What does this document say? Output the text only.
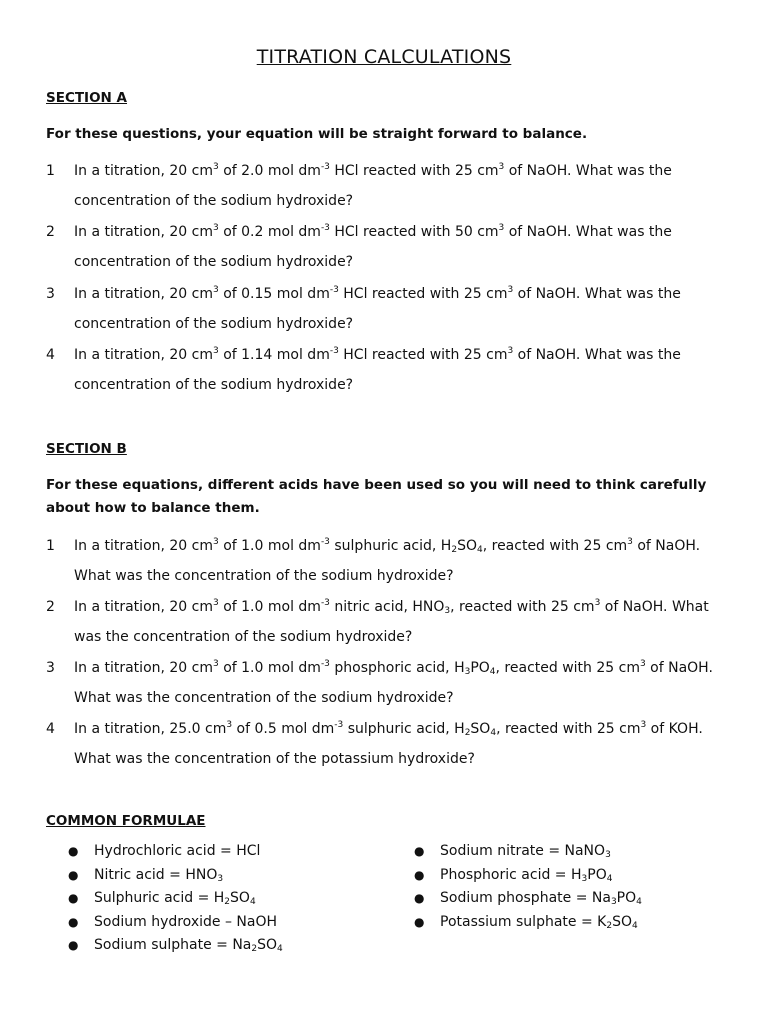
TITRATION CALCULATIONS
SECTION A
For these questions, your equation will be straight forward to balance.
1	In a titration, 20 $cm^3$ of 2.0 mol $dm^{-3}$ HCl reacted with 25 $cm^3$ of NaOH. What was the concentration of the sodium hydroxide?
2	In a titration, 20 $cm^3$ of 0.2 mol $dm^{-3}$ HCl reacted with 50 $cm^3$ of NaOH. What was the concentration of the sodium hydroxide?
3	In a titration, 20 $cm^3$ of 0.15 mol $dm^{-3}$ HCl reacted with 25 $cm^3$ of NaOH. What was the concentration of the sodium hydroxide?
4	In a titration, 20 $cm^3$ of 1.14 mol $dm^{-3}$ HCl reacted with 25 $cm^3$ of NaOH. What was the concentration of the sodium hydroxide?
SECTION B
For these equations, different acids have been used so you will need to think carefully about how to balance them.
1	In a titration, 20 $cm^3$ of 1.0 mol $dm^{-3}$ sulphuric acid, $H_2SO_4$, reacted with 25 $cm^3$ of NaOH. What was the concentration of the sodium hydroxide?
2	In a titration, 20 $cm^3$ of 1.0 mol $dm^{-3}$ nitric acid, $HNO_3$, reacted with 25 $cm^3$ of NaOH. What was the concentration of the sodium hydroxide?
3	In a titration, 20 $cm^3$ of 1.0 mol $dm^{-3}$ phosphoric acid, $H_3PO_4$, reacted with 25 $cm^3$ of NaOH. What was the concentration of the sodium hydroxide?
4	In a titration, 25.0 $cm^3$ of 0.5 mol $dm^{-3}$ sulphuric acid, $H_2SO_4$, reacted with 25 $cm^3$ of KOH. What was the concentration of the potassium hydroxide?
COMMON FORMULAE
● Hydrochloric acid = HCl
● Nitric acid = $HNO_3$
● Sulphuric acid = $H_2SO_4$
● Sodium hydroxide – NaOH
● Sodium sulphate = $Na_2SO_4$
● Sodium nitrate = NaNO$_3$
● Phosphoric acid = $H_3PO_4$
● Sodium phosphate = $Na_3PO_4$
● Potassium sulphate = $K_2SO_4$
